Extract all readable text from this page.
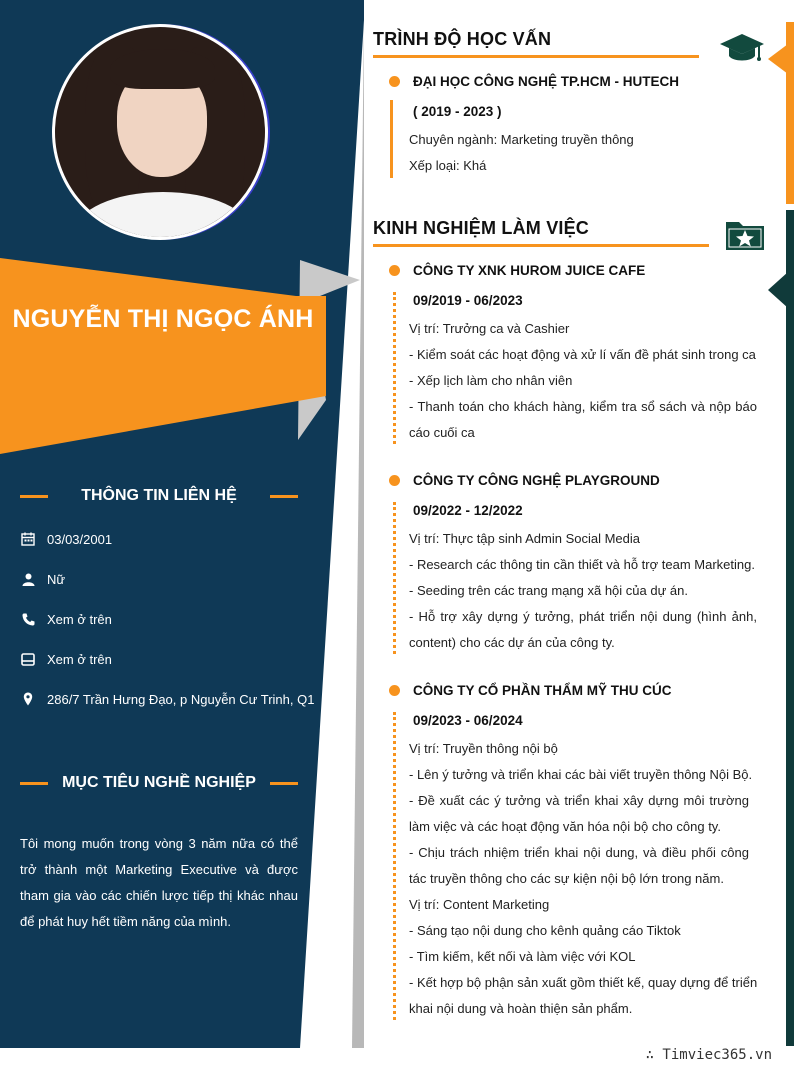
NGUYỄN THỊ NGỌC ÁNH
THÔNG TIN LIÊN HỆ
03/03/2001
Nữ
Xem ở trên
Xem ở trên
286/7 Trần Hưng Đạo, p Nguyễn Cư Trinh, Q1
MỤC TIÊU NGHỀ NGHIỆP
Tôi mong muốn trong vòng 3 năm nữa có thể trở thành một Marketing Executive và được tham gia vào các chiến lược tiếp thị khác nhau để phát huy hết tiềm năng của mình.
TRÌNH ĐỘ HỌC VẤN
ĐẠI HỌC CÔNG NGHỆ TP.HCM - HUTECH
( 2019 - 2023 )
Chuyên ngành: Marketing truyền thông
Xếp loại: Khá
KINH NGHIỆM LÀM VIỆC
CÔNG TY XNK HUROM JUICE CAFE
09/2019 - 06/2023
Vị trí: Trưởng ca và Cashier
- Kiểm soát các hoạt động và xử lí vấn đề phát sinh trong ca
- Xếp lịch làm cho nhân viên
- Thanh toán cho khách hàng, kiểm tra sổ sách và nộp báo
cáo cuối ca
CÔNG TY CÔNG NGHỆ PLAYGROUND
09/2022 - 12/2022
Vị trí: Thực tập sinh Admin Social Media
- Research các thông tin cần thiết và hỗ trợ team Marketing.
- Seeding trên các trang mạng xã hội của dự án.
- Hỗ trợ xây dựng ý tưởng, phát triển nội dung (hình ảnh,
content) cho các dự án của công ty.
CÔNG TY CỔ PHẦN THẨM MỸ THU CÚC
09/2023 - 06/2024
Vị trí: Truyền thông nội bộ
- Lên ý tưởng và triển khai các bài viết truyền thông Nội Bộ.
- Đề xuất các ý tưởng và triển khai xây dựng môi trường
làm việc và các hoạt động văn hóa nội bộ cho công ty.
- Chịu trách nhiệm triển khai nội dung, và điều phối công
tác truyền thông cho các sự kiện nội bộ lớn trong năm.
Vị trí: Content Marketing
- Sáng tạo nội dung cho kênh quảng cáo Tiktok
- Tìm kiếm, kết nối và làm việc với KOL
- Kết hợp bộ phận sản xuất gồm thiết kế, quay dựng để triển
khai nội dung và hoàn thiện sản phẩm.
∴ Timviec365.vn
